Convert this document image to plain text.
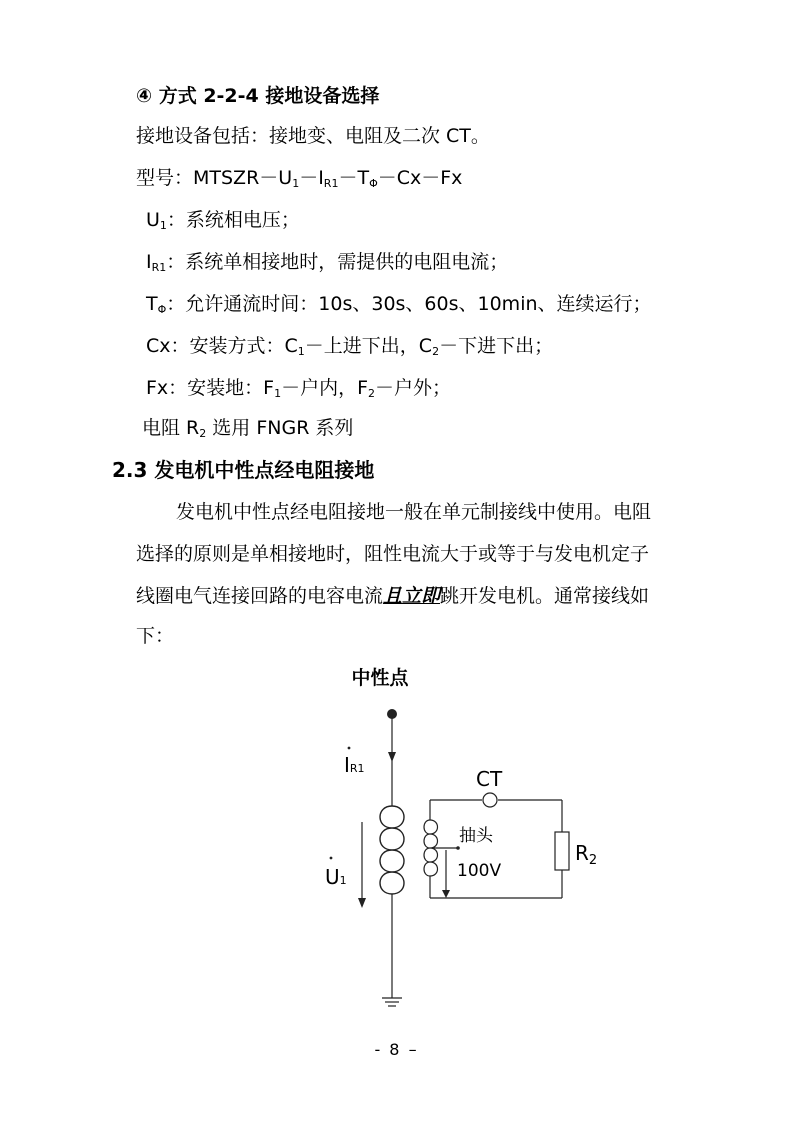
④ 方式 2-2-4 接地设备选择
接地设备包括：接地变、电阻及二次 CT。
型号：$MTSZR-U_1-I_{R1}-T_\Phi-Cx-Fx$
$U_1$：系统相电压；
$I_{R1}$：系统单相接地时，需提供的电阻电流；
$T_\Phi$：允许通流时间：10s、30s、60s、10min、连续运行；
Cx：安装方式：$C_1-$上进下出，$C_2-$下进下出；
Fx：安装地：$F_1-$户内，$F_2-$户外；
电阻 $R_2$ 选用 FNGR 系列
2.3 发电机中性点经电阻接地
发电机中性点经电阻接地一般在单元制接线中使用。电阻
选择的原则是单相接地时，阻性电流大于或等于与发电机定子
线圈电气连接回路的电容电流且立即跳开发电机。通常接线如
下：
中性点
IR1
U1
CT
抽头
100V
$R_2$
- 8 –
